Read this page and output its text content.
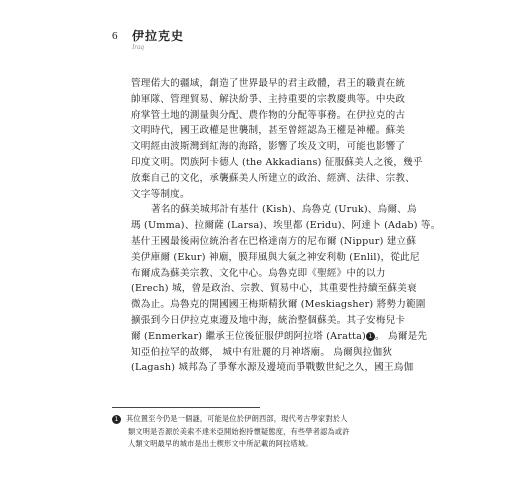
6 伊拉克史
Iraq
管理偌大的疆域，創造了世界最早的君主政體，君王的職責在統
帥軍隊、管理貿易、解決紛爭、主持重要的宗教慶典等。中央政
府掌管土地的測量與分配、農作物的分配等事務。在伊拉克的古
文明時代，國王政權是世襲制，甚至曾經認為王權是神權。蘇美
文明經由波斯灣到紅海的海路，影響了埃及文明，可能也影響了
印度文明。閃族阿卡德人 (the Akkadians) 征服蘇美人之後，幾乎
放棄自己的文化，承襲蘇美人所建立的政治、經濟、法律、宗教、
文字等制度。
著名的蘇美城邦計有基什 (Kish)、烏魯克 (Uruk)、烏爾、烏
瑪 (Umma)、拉爾薩 (Larsa)、埃里都 (Eridu)、阿達卜 (Adab) 等。
基什王國最後兩位統治者在巴格達南方的尼布爾 (Nippur) 建立蘇
美伊庫爾 (Ekur) 神廟，膜拜風與大氣之神安利勒 (Enlil)，從此尼
布爾成為蘇美宗教、文化中心。烏魯克即《聖經》中的以力
(Erech) 城，曾是政治、宗教、貿易中心，其重要性持續至蘇美衰
微為止。烏魯克的開國國王梅斯精狄爾 (Meskiagsher) 將勢力範圍
擴張到今日伊拉克東邊及地中海，統治整個蘇美。其子安梅兒卡
爾 (Enmerkar) 繼承王位後征服伊朗阿拉塔 (Aratta) 1 。 烏爾是先
知亞伯拉罕的故鄉， 城中有壯麗的月神塔廟。 烏爾與拉伽狄
(Lagash) 城邦為了爭奪水源及邊境而爭戰數世紀之久，國王烏伽
1 其位置至今仍是一個謎，可能是位於伊朗西部，現代考古學家對於人
類文明是否源於美索不達米亞開始抱持懷疑態度，有些學者認為或許
人類文明最早的城市是出土楔形文中所記載的阿拉塔城。
